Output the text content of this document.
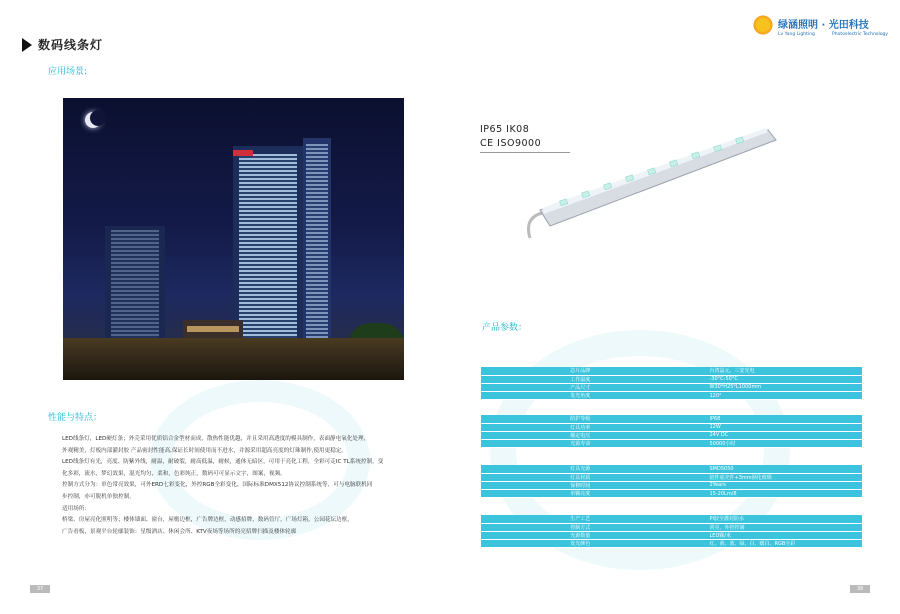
数码线条灯
应用场景:
性能与特点：

LED线条灯，LED硬灯条；外壳采用优质铝合金型材而成，散热性能优越，并且采用高透度的模具制作，表面静电氧化处理，

外观精美，灯板内部灌封胶 产品密封性能高,保证长时间使用而不进水，并源采用超高亮度的灯珠制作,使用更稳定。

LED线条灯有光，亮度、防紫外线，耐温，耐破裂，耐高低温，耐候，通体无暗区，可用于亮化工程，全彩可走IC TL系统控制，变

化多彩，流水，梦幻效果，混光均匀，柔和，色彩纯正，数码可可显示文字，图案，视频。

控制方式分为：单色常亮效果，可外ERD七彩变化，外控RGB全彩变化，国际标准DMX512协议控制系统等，可与电脑联机同

步控制，亦可脱机单独控制。

适用场所：

桥梁、房屋亮化照明等；楼体墙面、窗台，屋檐边框，广告牌边框，动感招牌，数码管厅，广场灯箱，公园花坛边框，

广告看板，景观平台轮廓装饰：星级酒店、休闲会所、KTV夜场等场所的亮招牌扫描及楼体轮廓

37
绿涵照明 · 光田科技
Lv Yang Lighting	Photoelectric Technology
IP65 IK08
CE ISO9000
产品参数：
芯片品牌	台湾晶元、三安光电
工作温度	-30°C-50°C
产品尺寸	W30*H25*L1000mm
发光角度	120°
防护等级	IP68
灯具功率	12W
额定电压	24V DC
光源寿命	50000小时
灯具光源	SMD5050
灯具材质	铝件底壳件+3mm钢化玻璃
保修时间	2Years
单颗亮度	15-20Lm/8
生产工艺	PI胶全灌封防水
控制方式	常亮、外控控制
光源数量	LED颗/米
发光颜色	红、黄、蓝、绿、白、暖白、RGB全彩
38
